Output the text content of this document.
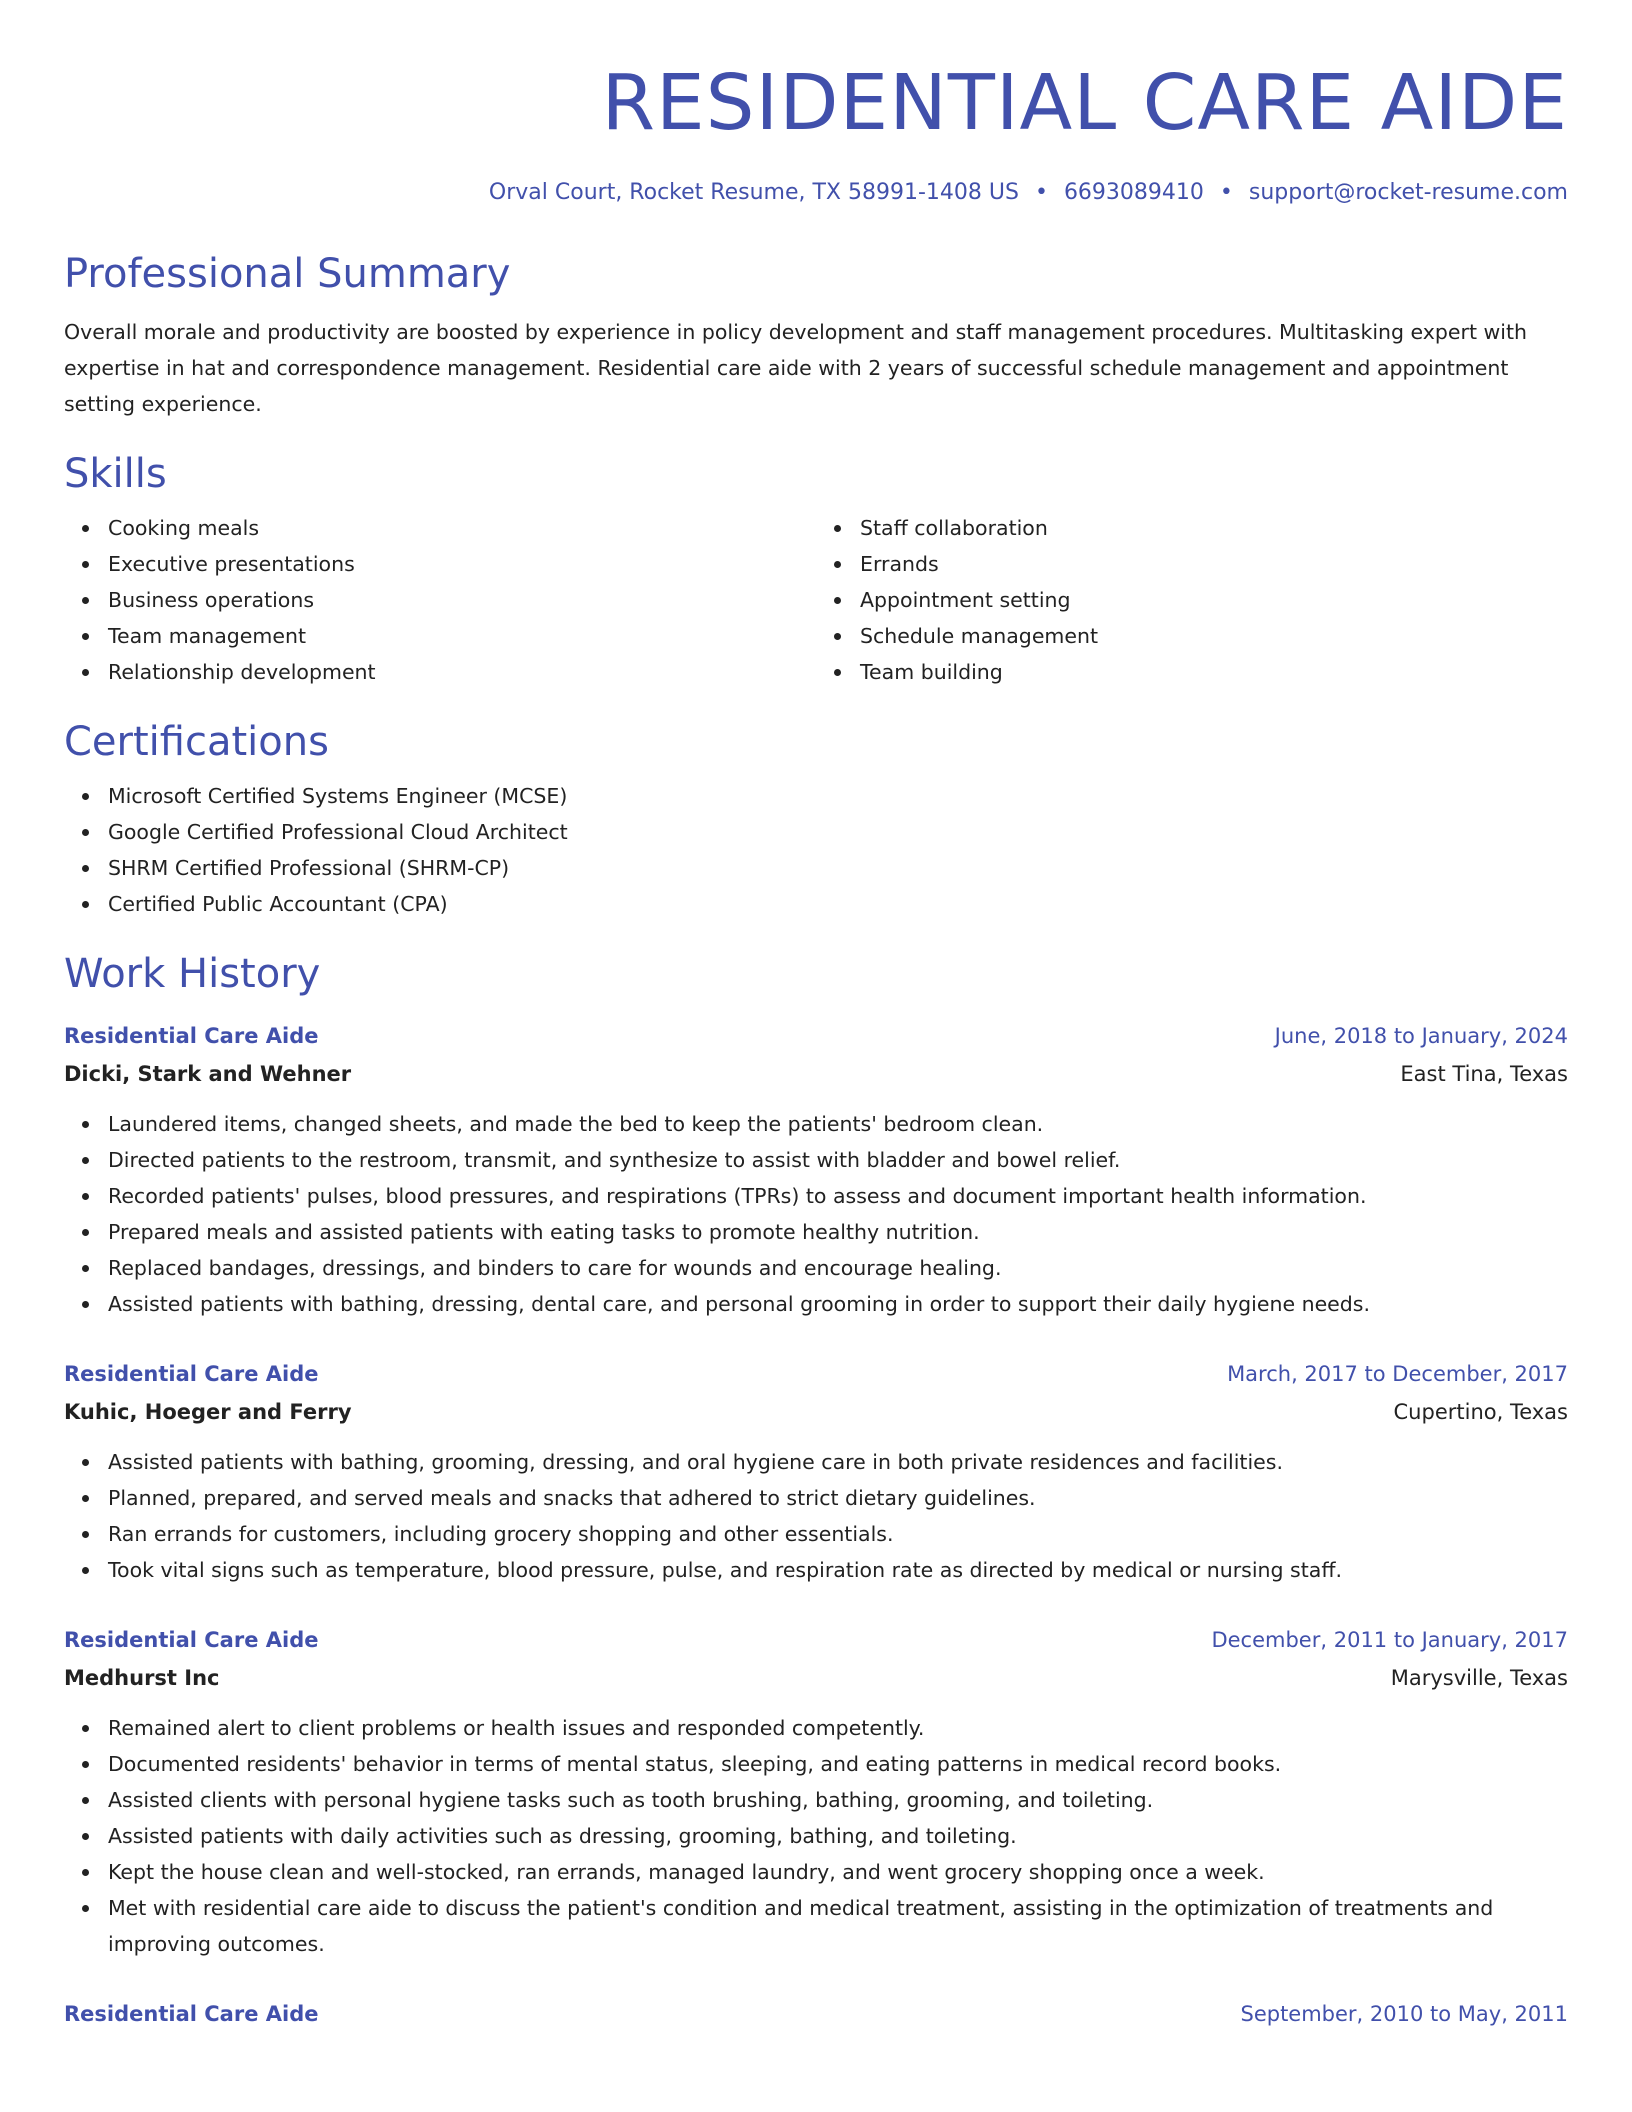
RESIDENTIAL CARE AIDE
Orval Court, Rocket Resume, TX 58991-1408 US • 6693089410 • support@rocket-resume.com
Professional Summary
Overall morale and productivity are boosted by experience in policy development and staff management procedures. Multitasking expert with expertise in hat and correspondence management. Residential care aide with 2 years of successful schedule management and appointment setting experience.
Skills
Cooking meals
Executive presentations
Business operations
Team management
Relationship development
Staff collaboration
Errands
Appointment setting
Schedule management
Team building
Certifications
Microsoft Certified Systems Engineer (MCSE)
Google Certified Professional Cloud Architect
SHRM Certified Professional (SHRM-CP)
Certified Public Accountant (CPA)
Work History
Residential Care Aide	June, 2018 to January, 2024
Dicki, Stark and Wehner	East Tina, Texas
Laundered items, changed sheets, and made the bed to keep the patients' bedroom clean.
Directed patients to the restroom, transmit, and synthesize to assist with bladder and bowel relief.
Recorded patients' pulses, blood pressures, and respirations (TPRs) to assess and document important health information.
Prepared meals and assisted patients with eating tasks to promote healthy nutrition.
Replaced bandages, dressings, and binders to care for wounds and encourage healing.
Assisted patients with bathing, dressing, dental care, and personal grooming in order to support their daily hygiene needs.
Residential Care Aide	March, 2017 to December, 2017
Kuhic, Hoeger and Ferry	Cupertino, Texas
Assisted patients with bathing, grooming, dressing, and oral hygiene care in both private residences and facilities.
Planned, prepared, and served meals and snacks that adhered to strict dietary guidelines.
Ran errands for customers, including grocery shopping and other essentials.
Took vital signs such as temperature, blood pressure, pulse, and respiration rate as directed by medical or nursing staff.
Residential Care Aide	December, 2011 to January, 2017
Medhurst Inc	Marysville, Texas
Remained alert to client problems or health issues and responded competently.
Documented residents' behavior in terms of mental status, sleeping, and eating patterns in medical record books.
Assisted clients with personal hygiene tasks such as tooth brushing, bathing, grooming, and toileting.
Assisted patients with daily activities such as dressing, grooming, bathing, and toileting.
Kept the house clean and well-stocked, ran errands, managed laundry, and went grocery shopping once a week.
Met with residential care aide to discuss the patient's condition and medical treatment, assisting in the optimization of treatments and improving outcomes.
Residential Care Aide	September, 2010 to May, 2011
